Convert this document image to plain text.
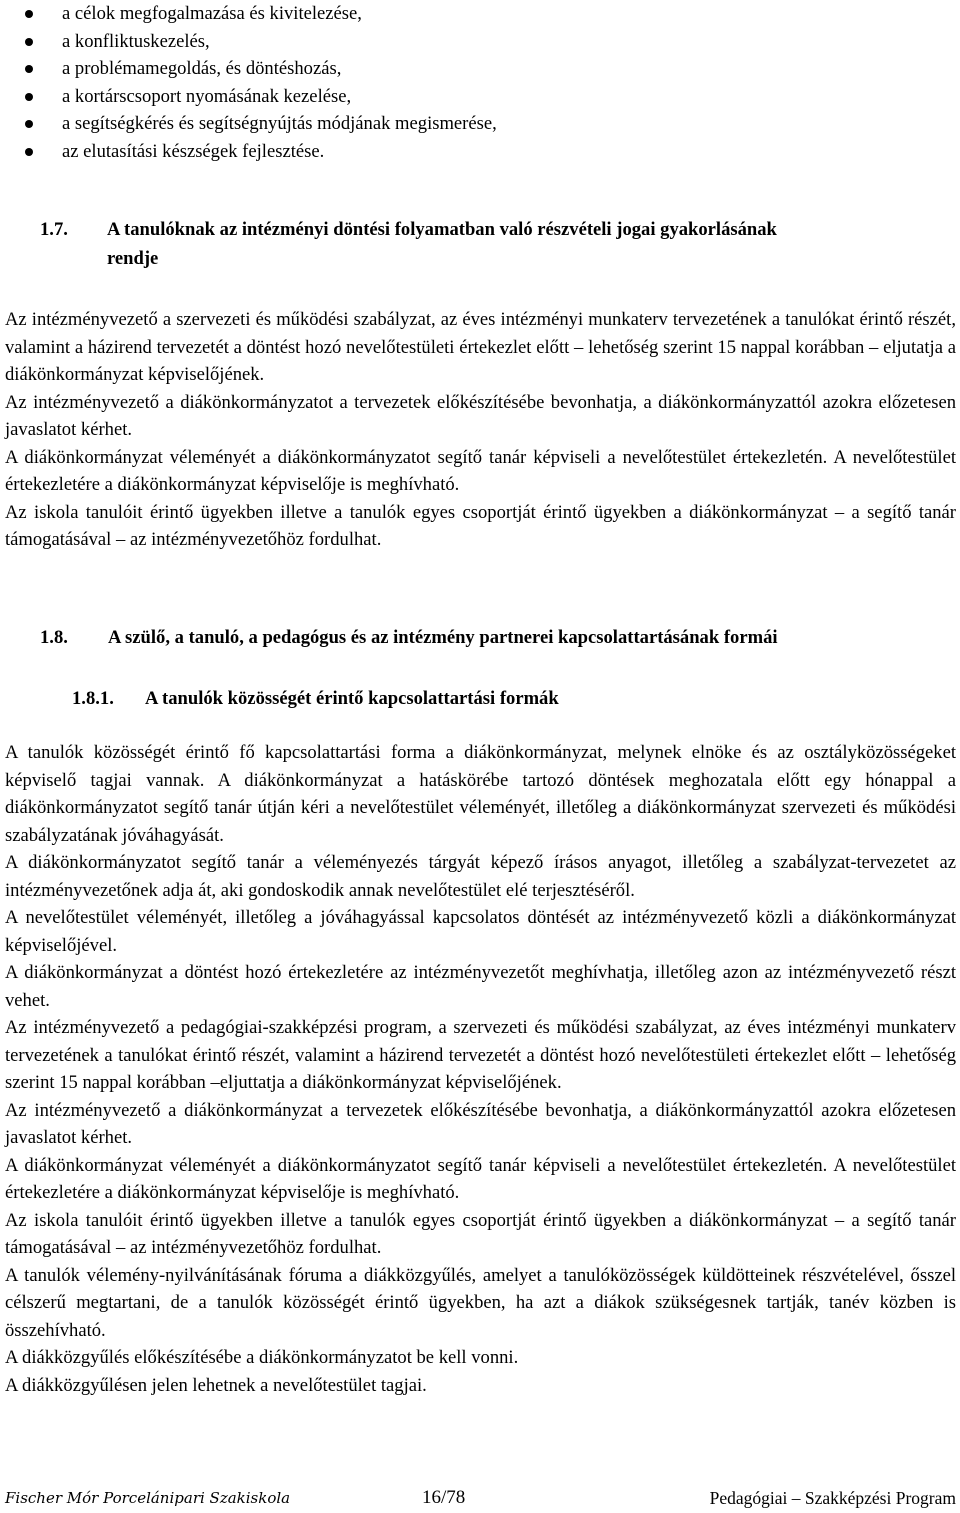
a célok megfogalmazása és kivitelezése,
a konfliktuskezelés,
a problémamegoldás, és döntéshozás,
a kortárscsoport nyomásának kezelése,
a segítségkérés és segítségnyújtás módjának megismerése,
az elutasítási készségek fejlesztése.
1.7. A tanulóknak az intézményi döntési folyamatban való részvételi jogai gyakorlásának
rendje

Az intézményvezető a szervezeti és működési szabályzat, az éves intézményi munkaterv tervezetének a tanulókat érintő részét, valamint a házirend tervezetét a döntést hozó nevelőtestületi értekezlet előtt – lehetőség szerint 15 nappal korábban – eljutatja a diákönkormányzat képviselőjének.

Az intézményvezető a diákönkormányzatot a tervezetek előkészítésébe bevonhatja, a diákönkormányzattól azokra előzetesen javaslatot kérhet.

A diákönkormányzat véleményét a diákönkormányzatot segítő tanár képviseli a nevelőtestület értekezletén. A nevelőtestület értekezletére a diákönkormányzat képviselője is meghívható.

Az iskola tanulóit érintő ügyekben illetve a tanulók egyes csoportját érintő ügyekben a diákönkormányzat – a segítő tanár támogatásával – az intézményvezetőhöz fordulhat.

1.8. A szülő, a tanuló, a pedagógus és az intézmény partnerei kapcsolattartásának formái
1.8.1. A tanulók közösségét érintő kapcsolattartási formák

A tanulók közösségét érintő fő kapcsolattartási forma a diákönkormányzat, melynek elnöke és az osztályközösségeket képviselő tagjai vannak. A diákönkormányzat a hatáskörébe tartozó döntések meghozatala előtt egy hónappal a diákönkormányzatot segítő tanár útján kéri a nevelőtestület véleményét, illetőleg a diákönkormányzat szervezeti és működési szabályzatának jóváhagyását.

A diákönkormányzatot segítő tanár a véleményezés tárgyát képező írásos anyagot, illetőleg a szabályzat-tervezetet az intézményvezetőnek adja át, aki gondoskodik annak nevelőtestület elé terjesztéséről.

A nevelőtestület véleményét, illetőleg a jóváhagyással kapcsolatos döntését az intézményvezető közli a diákönkormányzat képviselőjével.

A diákönkormányzat a döntést hozó értekezletére az intézményvezetőt meghívhatja, illetőleg azon az intézményvezető részt vehet.

Az intézményvezető a pedagógiai-szakképzési program, a szervezeti és működési szabályzat, az éves intézményi munkaterv tervezetének a tanulókat érintő részét, valamint a házirend tervezetét a döntést hozó nevelőtestületi értekezlet előtt – lehetőség szerint 15 nappal korábban –eljuttatja a diákönkormányzat képviselőjének.

Az intézményvezető a diákönkormányzat a tervezetek előkészítésébe bevonhatja, a diákönkormányzattól azokra előzetesen javaslatot kérhet.

A diákönkormányzat véleményét a diákönkormányzatot segítő tanár képviseli a nevelőtestület értekezletén. A nevelőtestület értekezletére a diákönkormányzat képviselője is meghívható.

Az iskola tanulóit érintő ügyekben illetve a tanulók egyes csoportját érintő ügyekben a diákönkormányzat – a segítő tanár támogatásával – az intézményvezetőhöz fordulhat.

A tanulók vélemény-nyilvánításának fóruma a diákközgyűlés, amelyet a tanulóközösségek küldötteinek részvételével, ősszel célszerű megtartani, de a tanulók közösségét érintő ügyekben, ha azt a diákok szükségesnek tartják, tanév közben is összehívható.

A diákközgyűlés előkészítésébe a diákönkormányzatot be kell vonni.

A diákközgyűlésen jelen lehetnek a nevelőtestület tagjai.

Fischer Mór Porcelánipari Szakiskola	16/78	Pedagógiai – Szakképzési Program
